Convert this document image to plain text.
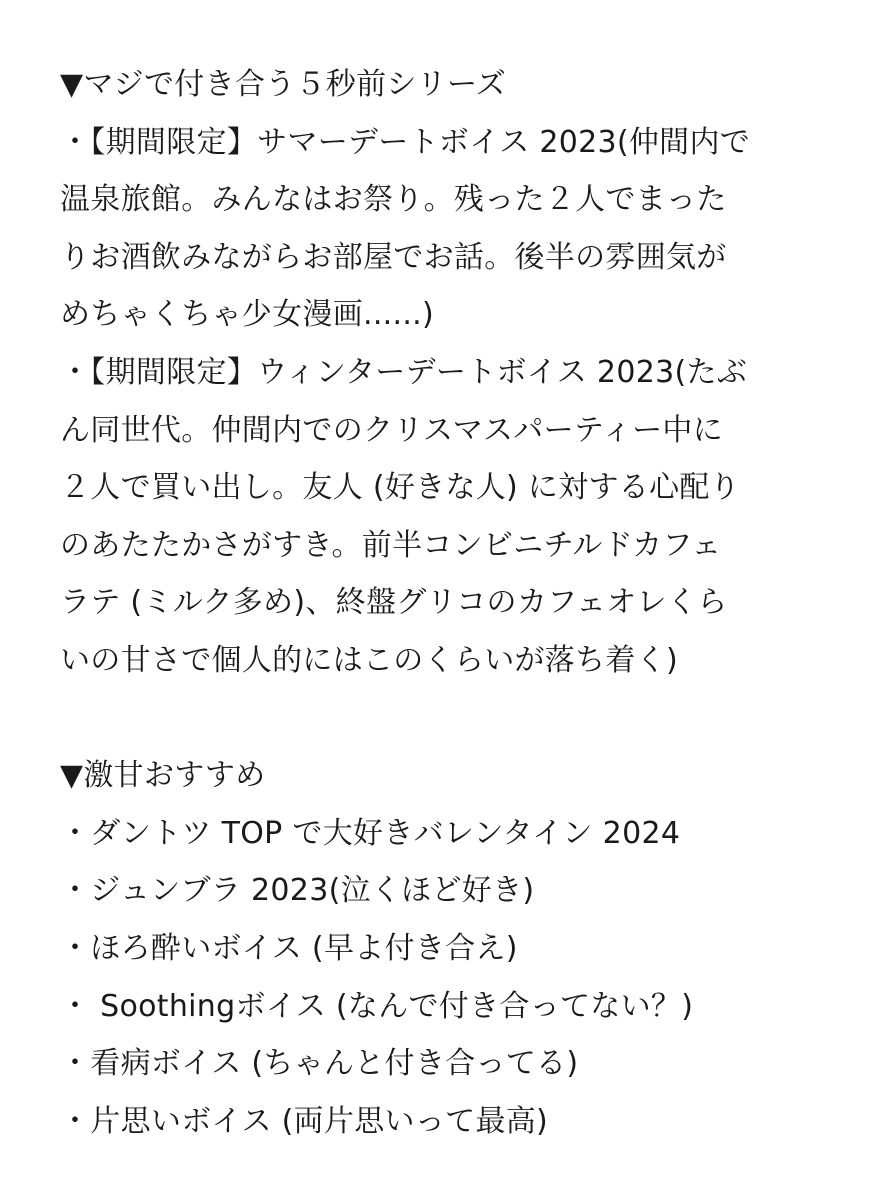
▼マジで付き合う５秒前シリーズ
・【期間限定】サマーデートボイス 2023(仲間内で
温泉旅館。みんなはお祭り。残った２人でまった
りお酒飲みながらお部屋でお話。後半の雰囲気が
めちゃくちゃ少女漫画......)
・【期間限定】ウィンターデートボイス 2023(たぶ
ん同世代。仲間内でのクリスマスパーティー中に
２人で買い出し。友人 (好きな人) に対する心配り
のあたたかさがすき。前半コンビニチルドカフェ
ラテ (ミルク多め)、終盤グリコのカフェオレくら
いの甘さで個人的にはこのくらいが落ち着く)
▼激甘おすすめ
・ダントツ TOP で大好きバレンタイン 2024
・ジュンブラ 2023(泣くほど好き)
・ほろ酔いボイス (早よ付き合え)
・ Soothingボイス (なんで付き合ってない？)
・看病ボイス (ちゃんと付き合ってる)
・片思いボイス (両片思いって最高)
